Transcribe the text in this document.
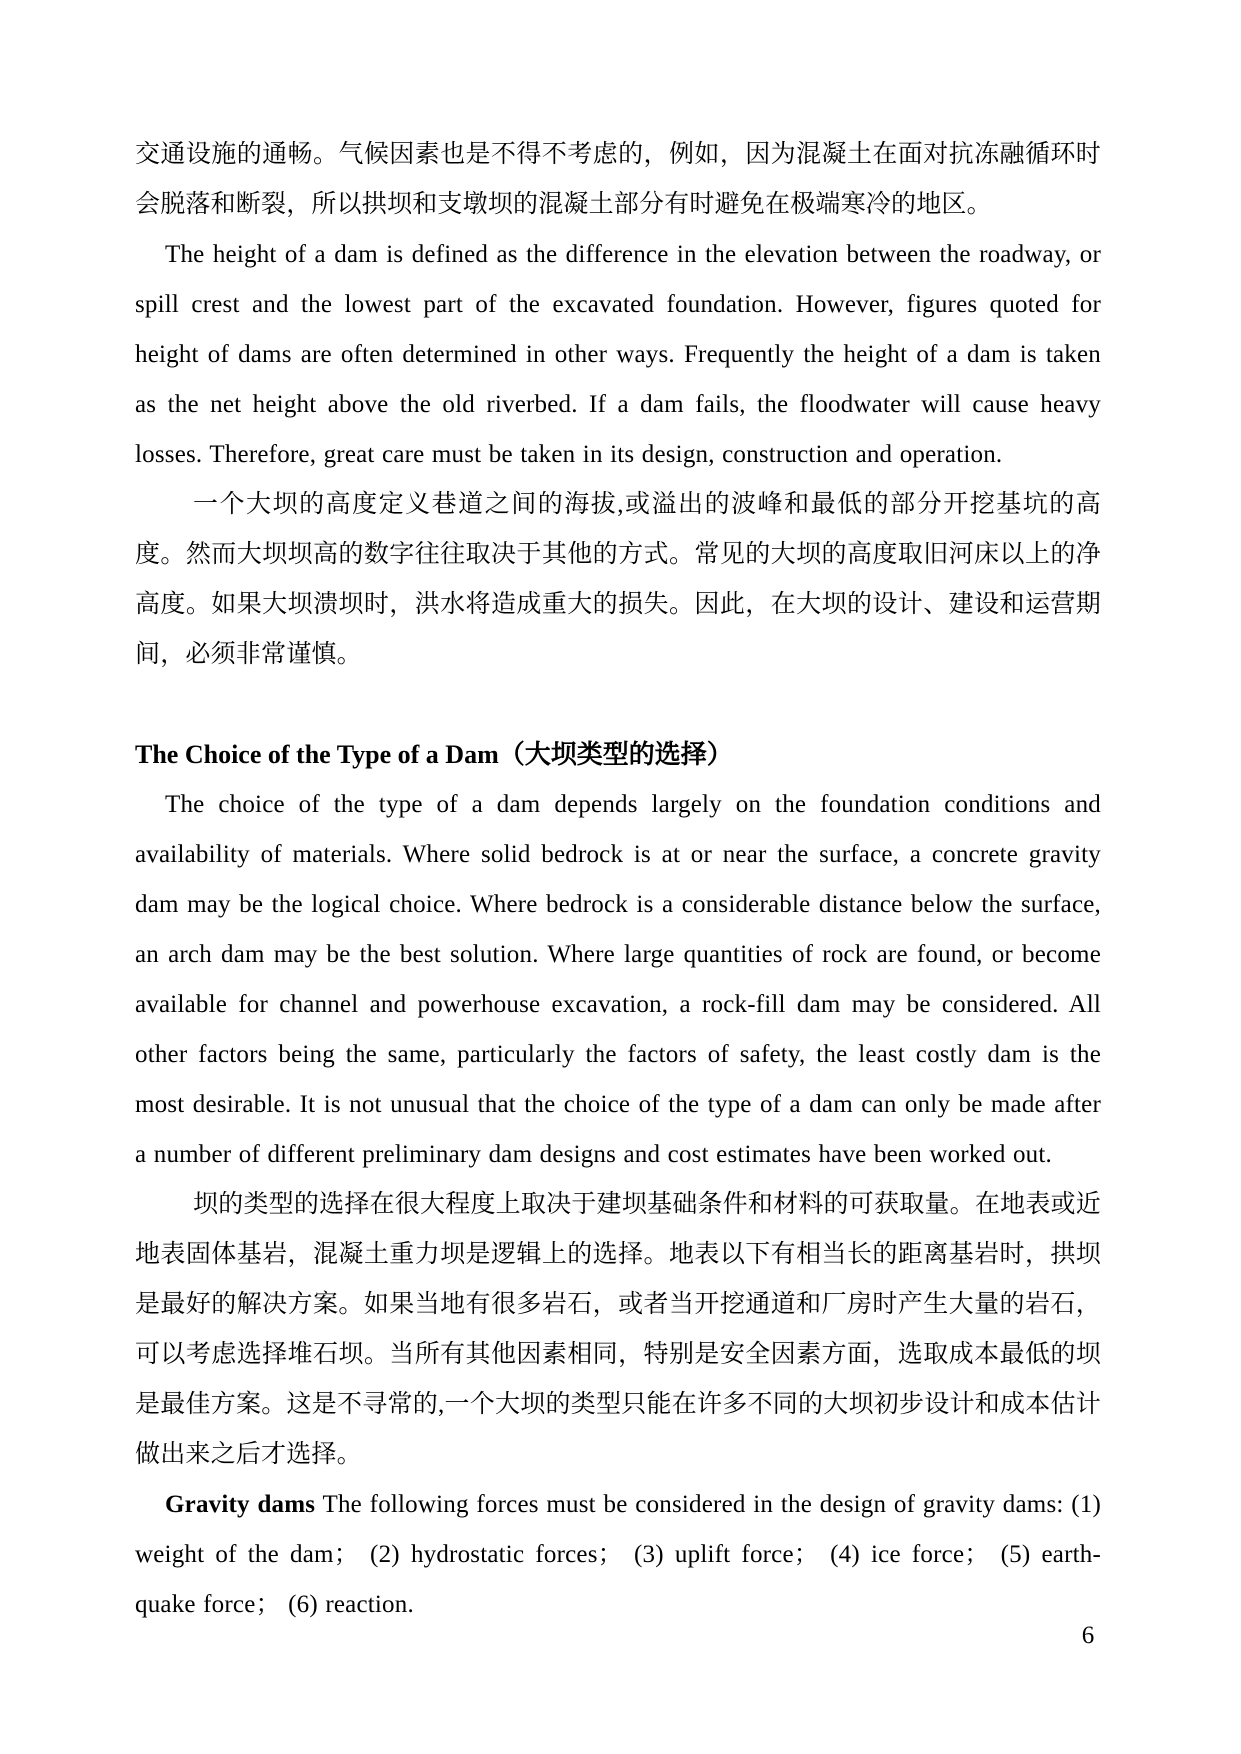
交通设施的通畅。气候因素也是不得不考虑的，例如，因为混凝土在面对抗冻融循环时会脱落和断裂，所以拱坝和支墩坝的混凝土部分有时避免在极端寒冷的地区。

The height of a dam is defined as the difference in the elevation between the roadway, or spill crest and the lowest part of the excavated foundation. However, figures quoted for height of dams are often determined in other ways. Frequently the height of a dam is taken as the net height above the old riverbed. If a dam fails, the floodwater will cause heavy losses. Therefore, great care must be taken in its design, construction and operation.

一个大坝的高度定义巷道之间的海拔,或溢出的波峰和最低的部分开挖基坑的高度。然而大坝坝高的数字往往取决于其他的方式。常见的大坝的高度取旧河床以上的净高度。如果大坝溃坝时，洪水将造成重大的损失。因此，在大坝的设计、建设和运营期间，必须非常谨慎。

The Choice of the Type of a Dam（大坝类型的选择）

The choice of the type of a dam depends largely on the foundation conditions and availability of materials. Where solid bedrock is at or near the surface, a concrete gravity dam may be the logical choice. Where bedrock is a considerable distance below the surface, an arch dam may be the best solution. Where large quantities of rock are found, or become available for channel and powerhouse excavation, a rock-fill dam may be considered. All other factors being the same, particularly the factors of safety, the least costly dam is the most desirable. It is not unusual that the choice of the type of a dam can only be made after a number of different preliminary dam designs and cost estimates have been worked out.

坝的类型的选择在很大程度上取决于建坝基础条件和材料的可获取量。在地表或近地表固体基岩，混凝土重力坝是逻辑上的选择。地表以下有相当长的距离基岩时，拱坝是最好的解决方案。如果当地有很多岩石，或者当开挖通道和厂房时产生大量的岩石，可以考虑选择堆石坝。当所有其他因素相同，特别是安全因素方面，选取成本最低的坝是最佳方案。这是不寻常的,一个大坝的类型只能在许多不同的大坝初步设计和成本估计做出来之后才选择。

Gravity dams The following forces must be considered in the design of gravity dams: (1) weight of the dam； (2) hydrostatic forces； (3) uplift force； (4) ice force； (5) earth-quake force； (6) reaction.

6
